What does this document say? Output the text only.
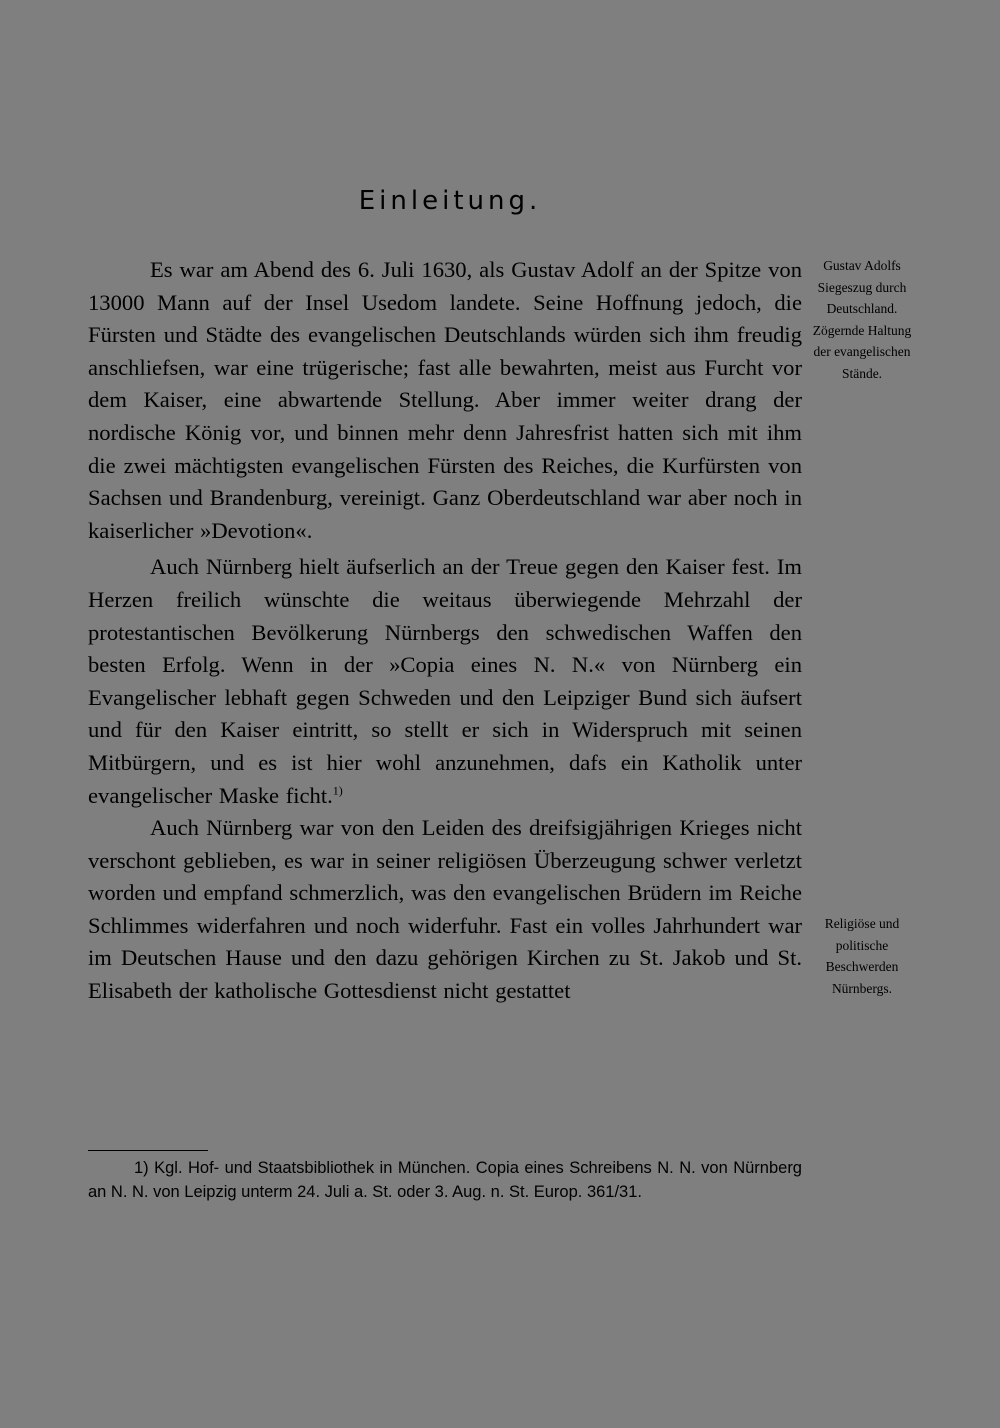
Einleitung.

Es war am Abend des 6. Juli 1630, als Gustav Adolf an der Spitze von 13000 Mann auf der Insel Usedom landete. Seine Hoffnung jedoch, die Fürsten und Städte des evangelischen Deutschlands würden sich ihm freudig anschliefsen, war eine trügerische; fast alle bewahrten, meist aus Furcht vor dem Kaiser, eine abwartende Stellung. Aber immer weiter drang der nordische König vor, und binnen mehr denn Jahresfrist hatten sich mit ihm die zwei mächtigsten evangelischen Fürsten des Reiches, die Kurfürsten von Sachsen und Brandenburg, vereinigt. Ganz Oberdeutschland war aber noch in kaiserlicher »Devotion«.

Auch Nürnberg hielt äufserlich an der Treue gegen den Kaiser fest. Im Herzen freilich wünschte die weitaus überwiegende Mehrzahl der protestantischen Bevölkerung Nürnbergs den schwedischen Waffen den besten Erfolg. Wenn in der »Copia eines N. N.« von Nürnberg ein Evangelischer lebhaft gegen Schweden und den Leipziger Bund sich äufsert und für den Kaiser eintritt, so stellt er sich in Widerspruch mit seinen Mitbürgern, und es ist hier wohl anzunehmen, dafs ein Katholik unter evangelischer Maske ficht.$^{1)}$

Auch Nürnberg war von den Leiden des dreifsigjährigen Krieges nicht verschont geblieben, es war in seiner religiösen Überzeugung schwer verletzt worden und empfand schmerzlich, was den evangelischen Brüdern im Reiche Schlimmes widerfahren und noch widerfuhr. Fast ein volles Jahrhundert war im Deutschen Hause und den dazu gehörigen Kirchen zu St. Jakob und St. Elisabeth der katholische Gottesdienst nicht gestattet

Gustav Adolfs Siegeszug durch Deutschland. Zögernde Haltung der evangelischen Stände.
Religiöse und politische Beschwerden Nürnbergs.
1) Kgl. Hof- und Staatsbibliothek in München. Copia eines Schreibens N. N. von Nürnberg an N. N. von Leipzig unterm 24. Juli a. St. oder 3. Aug. n. St. Europ. 361/31.
